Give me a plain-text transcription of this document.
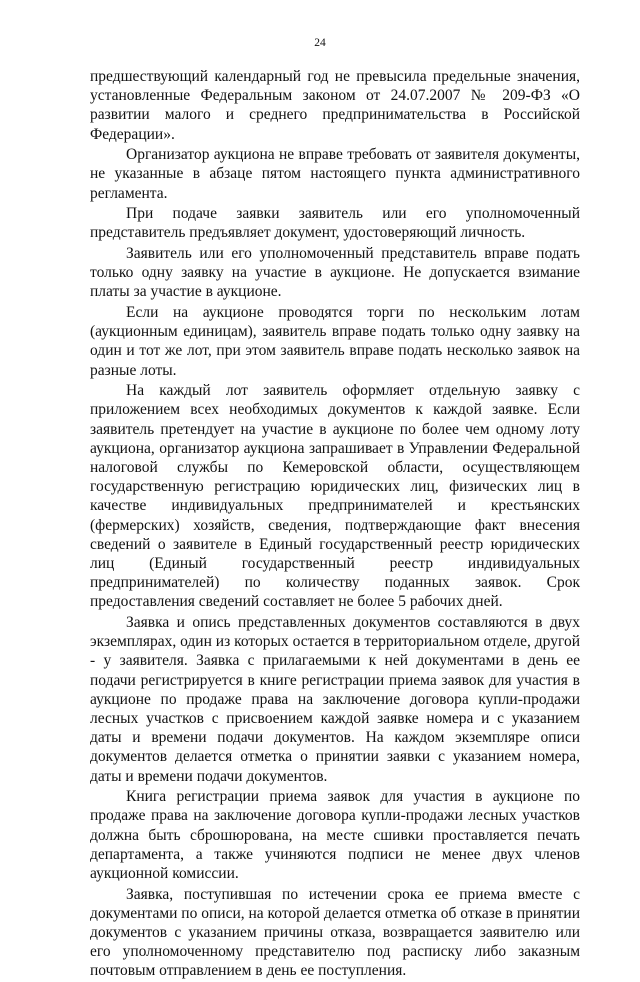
24

предшествующий календарный год не превысила предельные значения, установленные Федеральным законом от 24.07.2007 № 209-ФЗ «О развитии малого и среднего предпринимательства в Российской Федерации».

Организатор аукциона не вправе требовать от заявителя документы, не указанные в абзаце пятом настоящего пункта административного регламента.

При подаче заявки заявитель или его уполномоченный представитель предъявляет документ, удостоверяющий личность.

Заявитель или его уполномоченный представитель вправе подать только одну заявку на участие в аукционе. Не допускается взимание платы за участие в аукционе.

Если на аукционе проводятся торги по нескольким лотам (аукционным единицам), заявитель вправе подать только одну заявку на один и тот же лот, при этом заявитель вправе подать несколько заявок на разные лоты.

На каждый лот заявитель оформляет отдельную заявку с приложением всех необходимых документов к каждой заявке. Если заявитель претендует на участие в аукционе по более чем одному лоту аукциона, организатор аукциона запрашивает в Управлении Федеральной налоговой службы по Кемеровской области, осуществляющем государственную регистрацию юридических лиц, физических лиц в качестве индивидуальных предпринимателей и крестьянских (фермерских) хозяйств, сведения, подтверждающие факт внесения сведений о заявителе в Единый государственный реестр юридических лиц (Единый государственный реестр индивидуальных предпринимателей) по количеству поданных заявок. Срок предоставления сведений составляет не более 5 рабочих дней.

Заявка и опись представленных документов составляются в двух экземплярах, один из которых остается в территориальном отделе, другой - у заявителя. Заявка с прилагаемыми к ней документами в день ее подачи регистрируется в книге регистрации приема заявок для участия в аукционе по продаже права на заключение договора купли-продажи лесных участков с присвоением каждой заявке номера и с указанием даты и времени подачи документов. На каждом экземпляре описи документов делается отметка о принятии заявки с указанием номера, даты и времени подачи документов.

Книга регистрации приема заявок для участия в аукционе по продаже права на заключение договора купли-продажи лесных участков должна быть сброшюрована, на месте сшивки проставляется печать департамента, а также учиняются подписи не менее двух членов аукционной комиссии.

Заявка, поступившая по истечении срока ее приема вместе с документами по описи, на которой делается отметка об отказе в принятии документов с указанием причины отказа, возвращается заявителю или его уполномоченному представителю под расписку либо заказным почтовым отправлением в день ее поступления.
